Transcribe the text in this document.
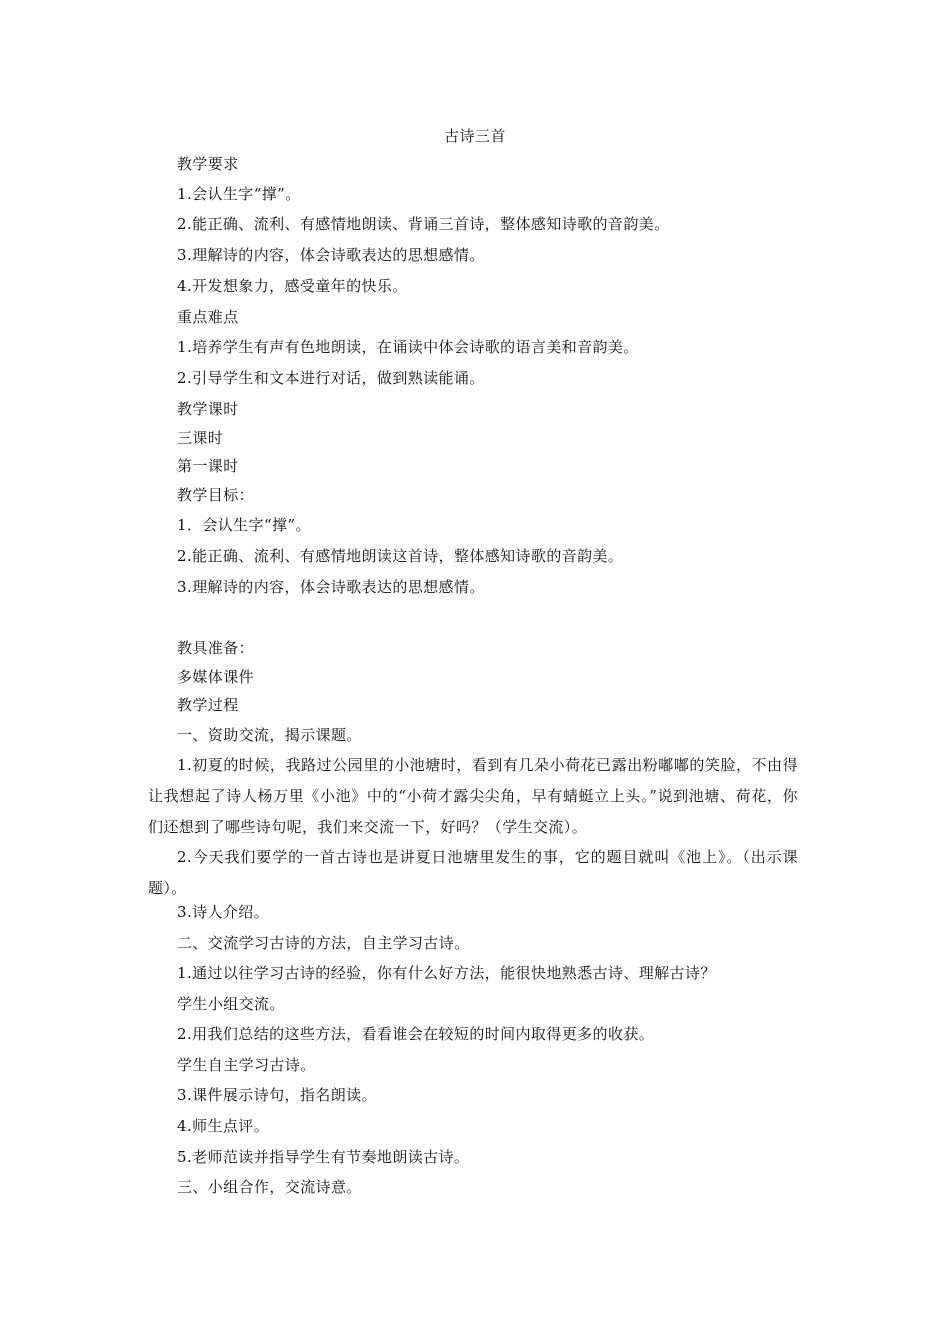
古诗三首
教学要求
1.会认生字“撑”。
2.能正确、流利、有感情地朗读、背诵三首诗，整体感知诗歌的音韵美。
3.理解诗的内容，体会诗歌表达的思想感情。
4.开发想象力，感受童年的快乐。
重点难点
1.培养学生有声有色地朗读，在诵读中体会诗歌的语言美和音韵美。
2.引导学生和文本进行对话，做到熟读能诵。
教学课时
三课时
第一课时
教学目标：
1．会认生字“撑”。
2.能正确、流利、有感情地朗读这首诗，整体感知诗歌的音韵美。
3.理解诗的内容，体会诗歌表达的思想感情。
教具准备：
多媒体课件
教学过程
一、资助交流，揭示课题。
1.初夏的时候，我路过公园里的小池塘时，看到有几朵小荷花已露出粉嘟嘟的笑脸，不由得让我想起了诗人杨万里《小池》中的“小荷才露尖尖角，早有蜻蜓立上头。”说到池塘、荷花，你们还想到了哪些诗句呢，我们来交流一下，好吗？（学生交流）。
2.今天我们要学的一首古诗也是讲夏日池塘里发生的事，它的题目就叫《池上》。（出示课题）。
3.诗人介绍。
二、交流学习古诗的方法，自主学习古诗。
1.通过以往学习古诗的经验，你有什么好方法，能很快地熟悉古诗、理解古诗？
学生小组交流。
2.用我们总结的这些方法，看看谁会在较短的时间内取得更多的收获。
学生自主学习古诗。
3.课件展示诗句，指名朗读。
4.师生点评。
5.老师范读并指导学生有节奏地朗读古诗。
三、小组合作，交流诗意。
